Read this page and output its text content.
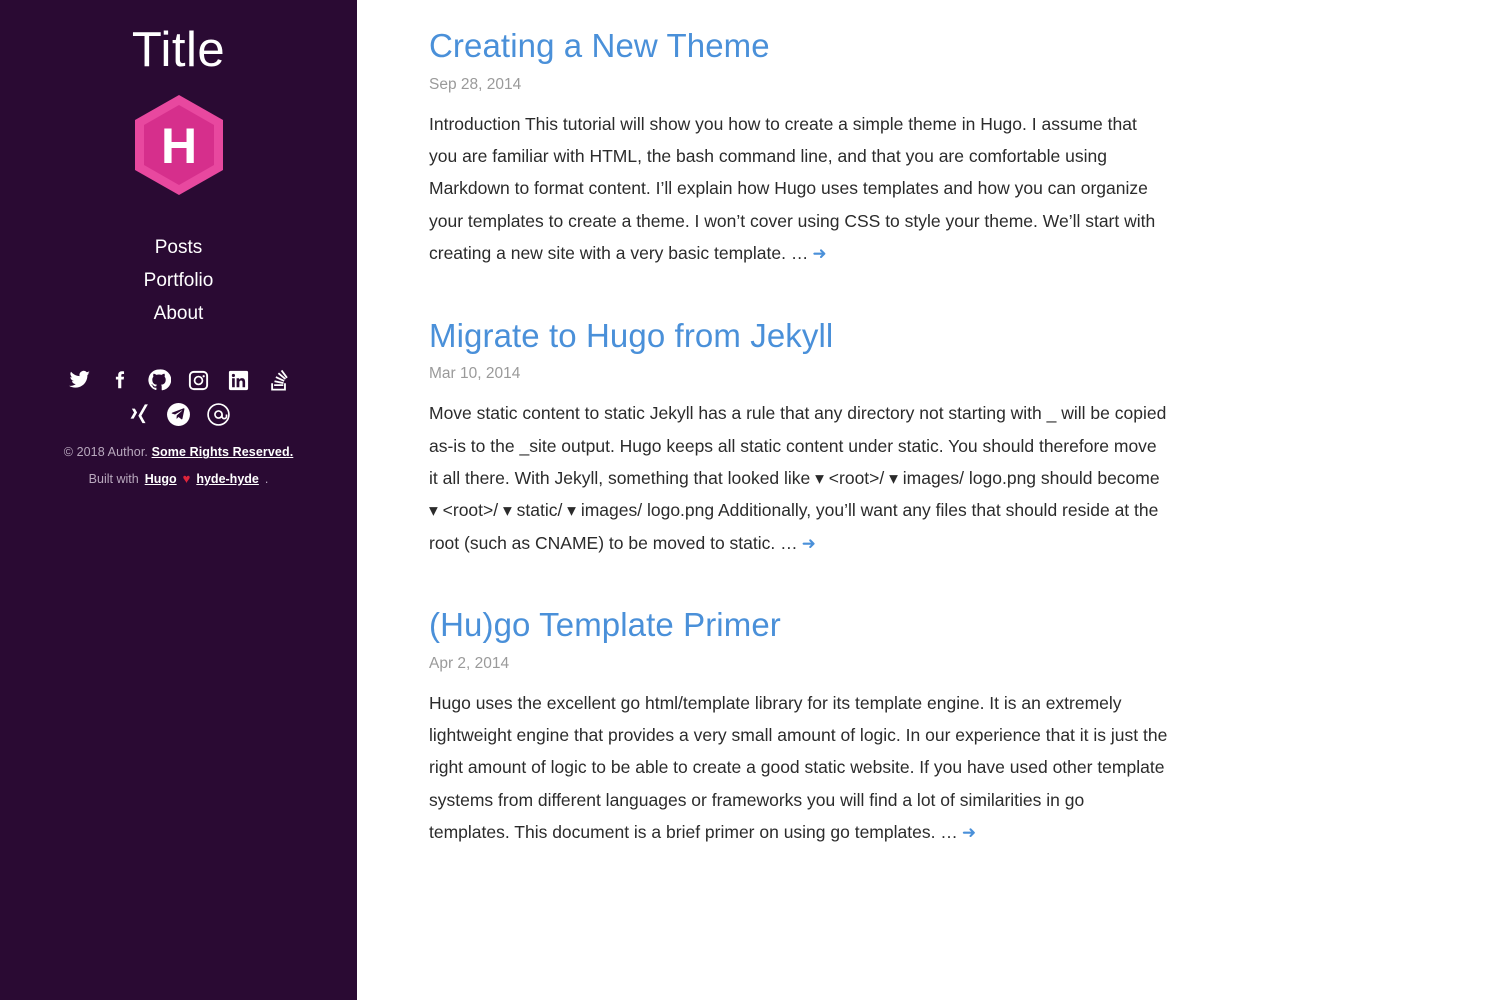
Title
H
Posts
Portfolio
About
© 2018 Author. Some Rights Reserved.
Built with Hugo ♥ hyde-hyde .
Creating a New Theme
Sep 28, 2014

Introduction This tutorial will show you how to create a simple theme in Hugo. I assume that you are familiar with HTML, the bash command line, and that you are comfortable using Markdown to format content. I’ll explain how Hugo uses templates and how you can organize your templates to create a theme. I won’t cover using CSS to style your theme. We’ll start with creating a new site with a very basic template. … ➜

Migrate to Hugo from Jekyll
Mar 10, 2014

Move static content to static Jekyll has a rule that any directory not starting with _ will be copied as-is to the _site output. Hugo keeps all static content under static. You should therefore move it all there. With Jekyll, something that looked like ▾ <root>/ ▾ images/ logo.png should become ▾ <root>/ ▾ static/ ▾ images/ logo.png Additionally, you’ll want any files that should reside at the root (such as CNAME) to be moved to static. … ➜

(Hu)go Template Primer
Apr 2, 2014

Hugo uses the excellent go html/template library for its template engine. It is an extremely lightweight engine that provides a very small amount of logic. In our experience that it is just the right amount of logic to be able to create a good static website. If you have used other template systems from different languages or frameworks you will find a lot of similarities in go templates. This document is a brief primer on using go templates. … ➜
